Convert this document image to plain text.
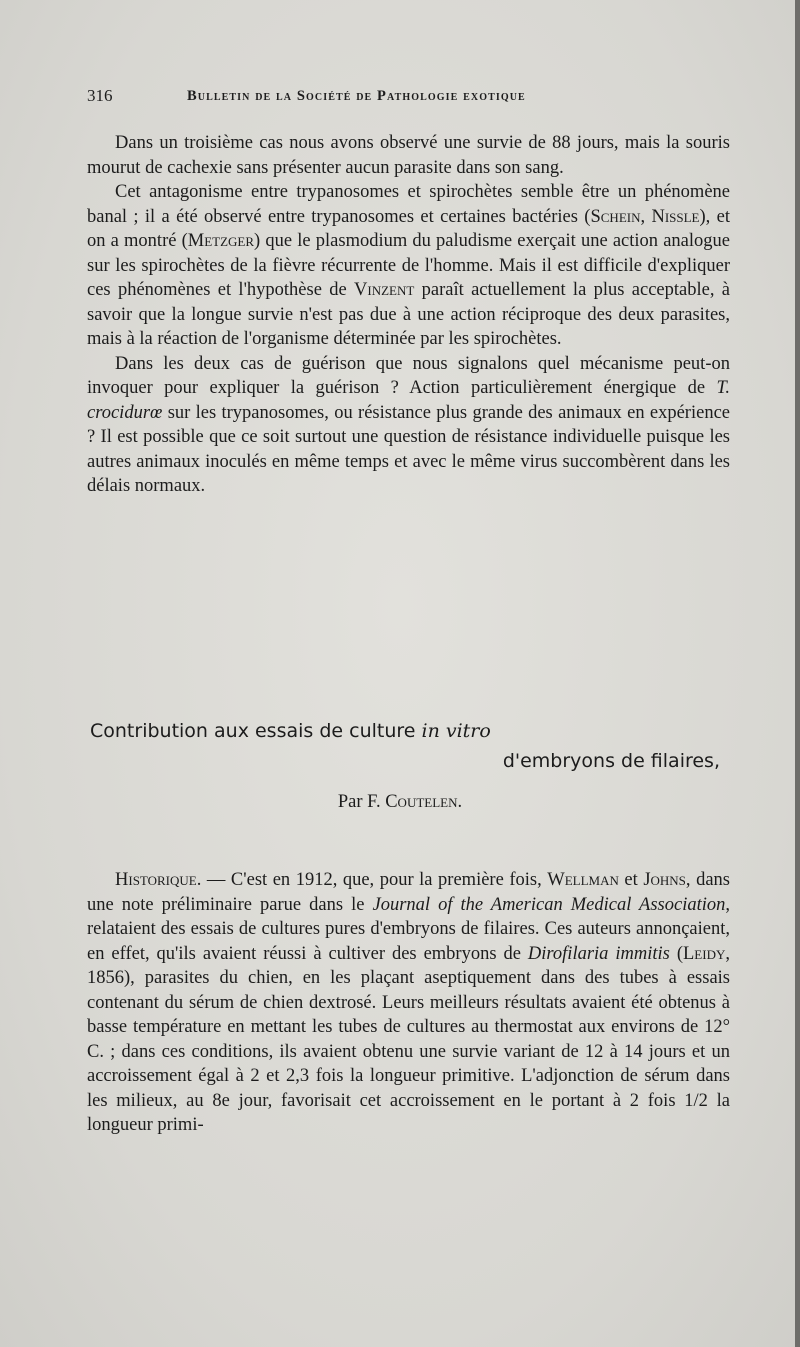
316	Bulletin de la Société de Pathologie exotique

Dans un troisième cas nous avons observé une survie de 88 jours, mais la souris mourut de cachexie sans présenter aucun parasite dans son sang.

Cet antagonisme entre trypanosomes et spirochètes semble être un phénomène banal ; il a été observé entre trypanosomes et certaines bactéries (Schein, Nissle), et on a montré (Metzger) que le plasmodium du paludisme exerçait une action analogue sur les spirochètes de la fièvre récurrente de l'homme. Mais il est difficile d'expliquer ces phénomènes et l'hypothèse de Vinzent paraît actuellement la plus acceptable, à savoir que la longue survie n'est pas due à une action réciproque des deux parasites, mais à la réaction de l'organisme déterminée par les spirochètes.

Dans les deux cas de guérison que nous signalons quel mécanisme peut-on invoquer pour expliquer la guérison ? Action particulièrement énergique de T. crocidurœ sur les trypanosomes, ou résistance plus grande des animaux en expérience ? Il est possible que ce soit surtout une question de résistance individuelle puisque les autres animaux inoculés en même temps et avec le même virus succombèrent dans les délais normaux.

Contribution aux essais de culture in vitro
d'embryons de filaires,
Par F. Coutelen.

Historique. — C'est en 1912, que, pour la première fois, Wellman et Johns, dans une note préliminaire parue dans le Journal of the American Medical Association, relataient des essais de cultures pures d'embryons de filaires. Ces auteurs annonçaient, en effet, qu'ils avaient réussi à cultiver des embryons de Dirofilaria immitis (Leidy, 1856), parasites du chien, en les plaçant aseptiquement dans des tubes à essais contenant du sérum de chien dextrosé. Leurs meilleurs résultats avaient été obtenus à basse température en mettant les tubes de cultures au thermostat aux environs de 12° C. ; dans ces conditions, ils avaient obtenu une survie variant de 12 à 14 jours et un accroissement égal à 2 et 2,3 fois la longueur primitive. L'adjonction de sérum dans les milieux, au 8e jour, favorisait cet accroissement en le portant à 2 fois 1/2 la longueur primi-
